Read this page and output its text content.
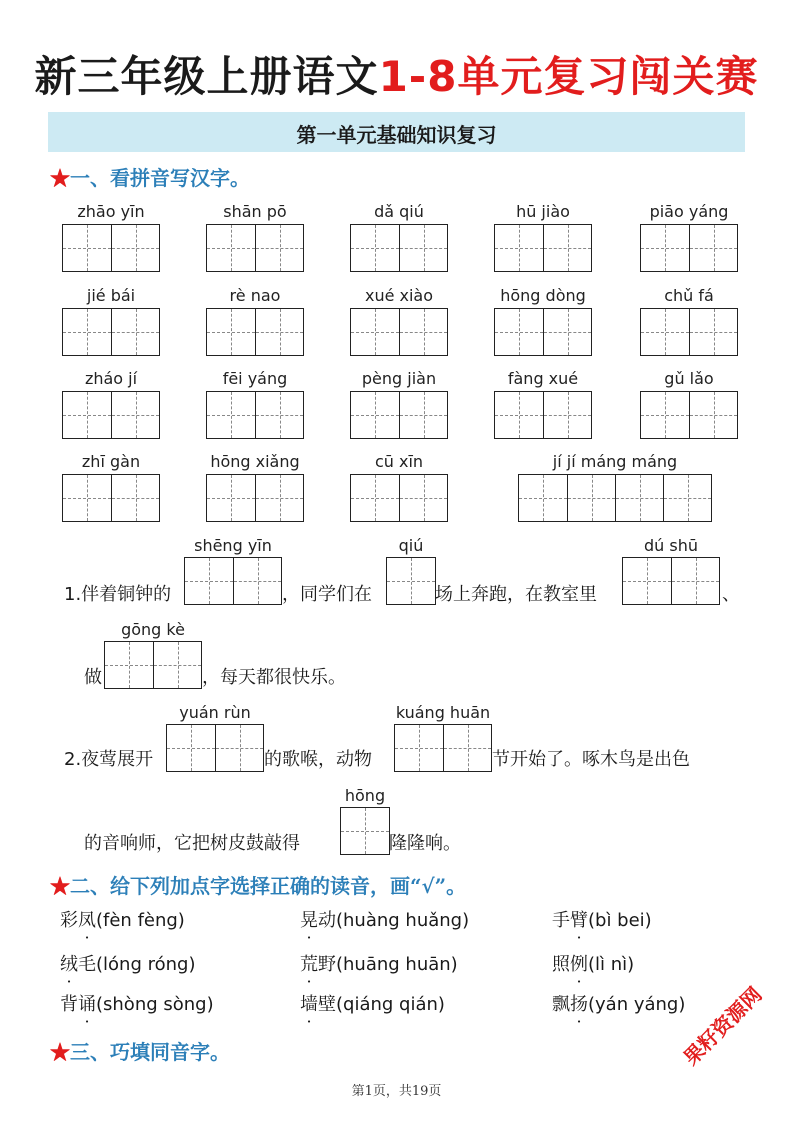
新三年级上册语文1-8单元复习闯关赛
第一单元基础知识复习
★一、看拼音写汉字。
zhāo yīn	shān pō	dǎ qiú	hū jiào	piāo yáng
jié bái	rè nao	xué xiào	hōng dòng	chǔ fá
zháo jí	fēi yáng	pèng jiàn	fàng xué	gǔ lǎo
zhī gàn	hōng xiǎng	cū xīn	jí jí máng máng
shēng yīn	qiú	dú shū
1.伴着铜钟的	，同学们在	场上奔跑，在教室里	、
gōng kè
做	，每天都很快乐。
yuán rùn	kuáng huān
2.夜莺展开	的歌喉，动物	节开始了。啄木鸟是出色
hōng
的音响师，它把树皮鼓敲得	隆隆响。
★二、给下列加点字选择正确的读音，画“√”。
彩凤(fèn fèng)	晃动(huàng huǎng)	手臂(bì bei)
绒毛(lóng róng)	荒野(huāng huān)	照例(lì nì)
背诵(shòng sòng)	墙壁(qiáng qián)	飘扬(yán yáng)
★三、巧填同音字。	果籽资源网
第1页，共19页
